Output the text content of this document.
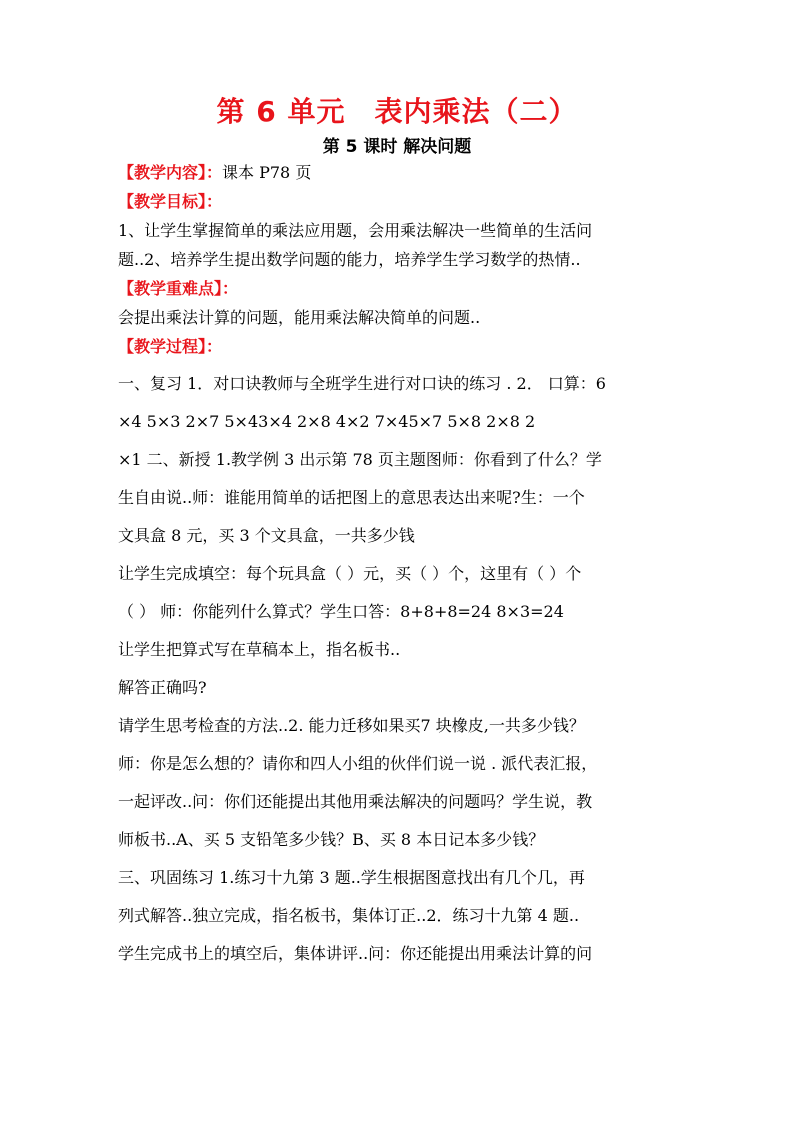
第 6 单元　表内乘法（二）
第 5 课时 解决问题
【教学内容】：课本 P78 页
【教学目标】：
1、让学生掌握简单的乘法应用题，会用乘法解决一些简单的生活问
题..2、培养学生提出数学问题的能力，培养学生学习数学的热情..
【教学重难点】：
会提出乘法计算的问题，能用乘法解决简单的问题..
【教学过程】：
一、复习 1．对口诀教师与全班学生进行对口诀的练习 . 2． 口算：6
×4 5×3 2×7 5×43×4 2×8 4×2 7×45×7 5×8 2×8 2
×1 二、新授 1.教学例 3 出示第 78 页主题图师：你看到了什么？学
生自由说..师：谁能用简单的话把图上的意思表达出来呢?生：一个
文具盒 8 元，买 3 个文具盒，一共多少钱
让学生完成填空：每个玩具盒（ ）元，买（ ）个，这里有（ ）个
（ ） 师：你能列什么算式？学生口答：8+8+8=24 8×3=24
让学生把算式写在草稿本上，指名板书..
解答正确吗?
请学生思考检查的方法..2. 能力迁移如果买7 块橡皮,一共多少钱？
师：你是怎么想的？请你和四人小组的伙伴们说一说 . 派代表汇报，
一起评改..问：你们还能提出其他用乘法解决的问题吗？学生说，教
师板书..A、买 5 支铅笔多少钱？B、买 8 本日记本多少钱？
三、巩固练习 1.练习十九第 3 题..学生根据图意找出有几个几，再
列式解答..独立完成，指名板书，集体订正..2．练习十九第 4 题..
学生完成书上的填空后，集体讲评..问：你还能提出用乘法计算的问
